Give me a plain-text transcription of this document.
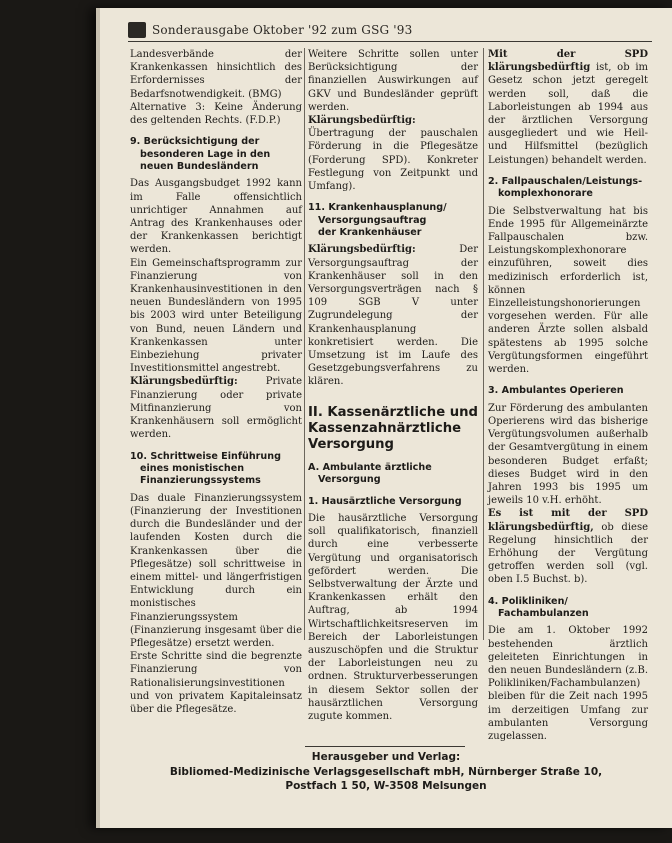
Sonderausgabe Oktober '92 zum GSG '93

Landesverbände der Krankenkassen hinsichtlich des Erfordernisses der Bedarfsnotwendigkeit. (BMG)

Alternative 3: Keine Änderung des geltenden Rechts. (F.D.P.)

9. Berücksichtigung der
besonderen Lage in den
neuen Bundesländern

Das Ausgangsbudget 1992 kann im Falle offensichtlich unrichtiger Annahmen auf Antrag des Krankenhauses oder der Krankenkassen berichtigt werden.

Ein Gemeinschaftsprogramm zur Finanzierung von Krankenhausinvestitionen in den neuen Bundesländern von 1995 bis 2003 wird unter Beteiligung von Bund, neuen Ländern und Krankenkassen unter Einbeziehung privater Investitionsmittel angestrebt.

Klärungsbedürftig: Private Finanzierung oder private Mitfinanzierung von Krankenhäusern soll ermöglicht werden.

10. Schrittweise Einführung
eines monistischen
Finanzierungssystems

Das duale Finanzierungssystem (Finanzierung der Investitionen durch die Bundesländer und der laufenden Kosten durch die Krankenkassen über die Pflegesätze) soll schrittweise in einem mittel- und längerfristigen Entwicklung durch ein monistisches Finanzierungssystem (Finanzierung insgesamt über die Pflegesätze) ersetzt werden.

Erste Schritte sind die begrenzte Finanzierung von Rationalisierungsinvestitionen und von privatem Kapitaleinsatz über die Pflegesätze.

Weitere Schritte sollen unter Berücksichtigung der finanziellen Auswirkungen auf GKV und Bundesländer geprüft werden.

Klärungsbedürftig: Übertragung der pauschalen Förderung in die Pflegesätze (Forderung SPD). Konkreter Festlegung von Zeitpunkt und Umfang).

11. Krankenhausplanung/
Versorgungsauftrag
der Krankenhäuser

Klärungsbedürftig: Der Versorgungsauftrag der Krankenhäuser soll in den Versorgungsverträgen nach § 109 SGB V unter Zugrundelegung der Krankenhausplanung konkretisiert werden. Die Umsetzung ist im Laufe des Gesetzgebungsverfahrens zu klären.

II. Kassenärztliche und
Kassenzahnärztliche
Versorgung
A. Ambulante ärztliche
Versorgung
1. Hausärztliche Versorgung

Die hausärztliche Versorgung soll qualifikatorisch, finanziell durch eine verbesserte Vergütung und organisatorisch gefördert werden. Die Selbstverwaltung der Ärzte und Krankenkassen erhält den Auftrag, ab 1994 Wirtschaftlichkeitsreserven im Bereich der Laborleistungen auszuschöpfen und die Struktur der Laborleistungen neu zu ordnen. Strukturverbesserungen in diesem Sektor sollen der hausärztlichen Versorgung zugute kommen.

Mit der SPD klärungsbedürftig ist, ob im Gesetz schon jetzt geregelt werden soll, daß die Laborleistungen ab 1994 aus der ärztlichen Versorgung ausgegliedert und wie Heil- und Hilfsmittel (bezüglich Leistungen) behandelt werden.

2. Fallpauschalen/Leistungs-
komplexhonorare

Die Selbstverwaltung hat bis Ende 1995 für Allgemeinärzte Fallpauschalen bzw. Leistungskomplexhonorare einzuführen, soweit dies medizinisch erforderlich ist, können Einzelleistungshonorierungen vorgesehen werden. Für alle anderen Ärzte sollen alsbald spätestens ab 1995 solche Vergütungsformen eingeführt werden.

3. Ambulantes Operieren

Zur Förderung des ambulanten Operierens wird das bisherige Vergütungsvolumen außerhalb der Gesamtvergütung in einem besonderen Budget erfaßt; dieses Budget wird in den Jahren 1993 bis 1995 um jeweils 10 v.H. erhöht.

Es ist mit der SPD klärungsbedürftig, ob diese Regelung hinsichtlich der Erhöhung der Vergütung getroffen werden soll (vgl. oben I.5 Buchst. b).

4. Polikliniken/
Fachambulanzen

Die am 1. Oktober 1992 bestehenden ärztlich geleiteten Einrichtungen in den neuen Bundesländern (z.B. Polikliniken/Fachambulanzen) bleiben für die Zeit nach 1995 im derzeitigen Umfang zur ambulanten Versorgung zugelassen.

Herausgeber und Verlag:
Bibliomed-Medizinische Verlagsgesellschaft mbH, Nürnberger Straße 10,
Postfach 1 50, W-3508 Melsungen
